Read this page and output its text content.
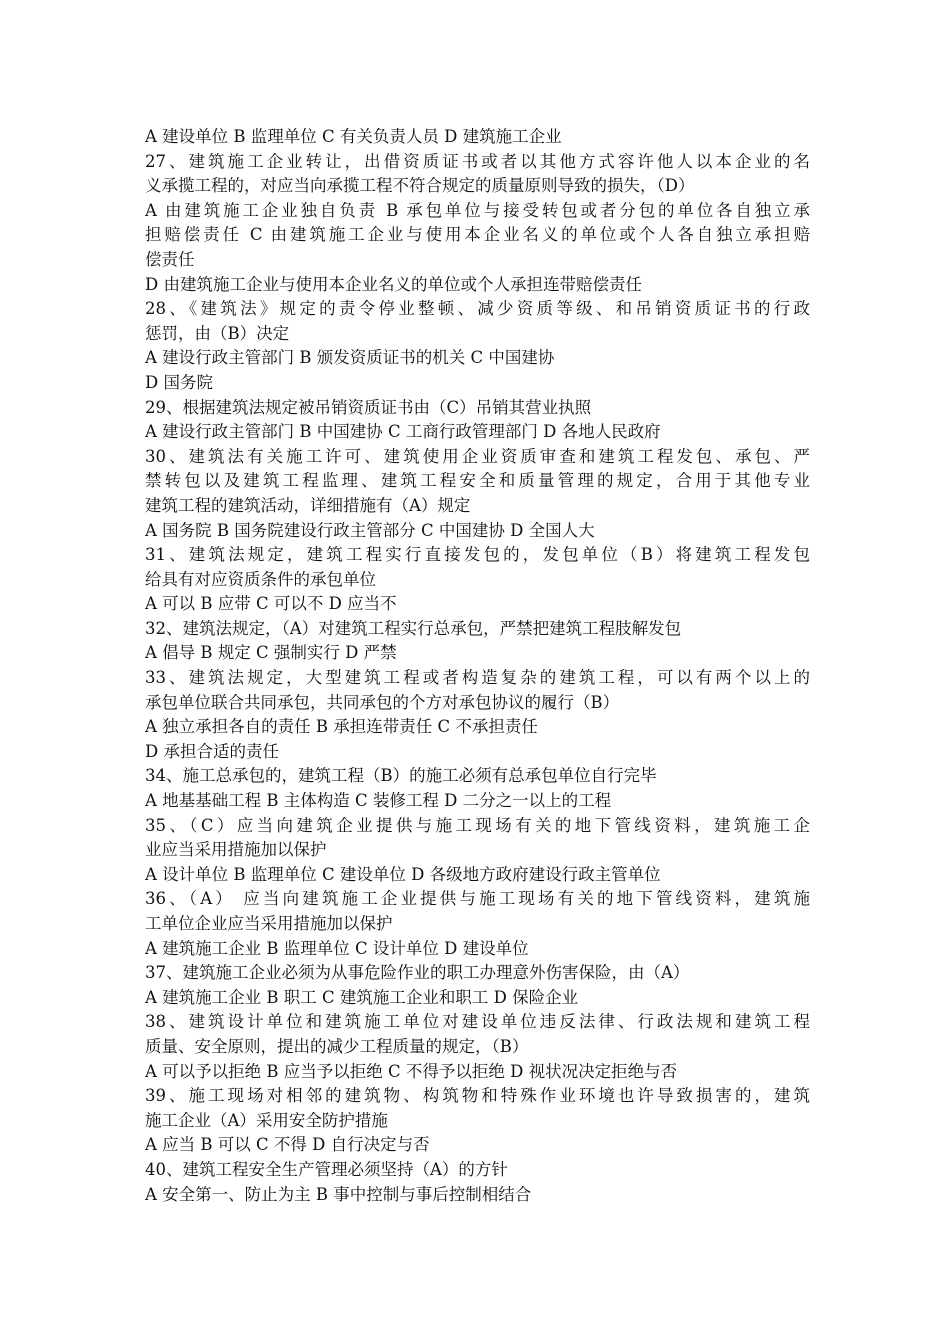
A 建设单位 B 监理单位 C 有关负责人员 D 建筑施工企业
27、建筑施工企业转让，出借资质证书或者以其他方式容许他人以本企业的名
义承揽工程的，对应当向承揽工程不符合规定的质量原则导致的损失，（D）
A 由建筑施工企业独自负责 B 承包单位与接受转包或者分包的单位各自独立承
担赔偿责任 C 由建筑施工企业与使用本企业名义的单位或个人各自独立承担赔
偿责任
D 由建筑施工企业与使用本企业名义的单位或个人承担连带赔偿责任
28、《建筑法》规定的责令停业整顿、减少资质等级、和吊销资质证书的行政
惩罚，由（B）决定
A 建设行政主管部门 B 颁发资质证书的机关 C 中国建协
D 国务院
29、根据建筑法规定被吊销资质证书由（C）吊销其营业执照
A 建设行政主管部门 B 中国建协 C 工商行政管理部门 D 各地人民政府
30、建筑法有关施工许可、建筑使用企业资质审查和建筑工程发包、承包、严
禁转包以及建筑工程监理、建筑工程安全和质量管理的规定，合用于其他专业
建筑工程的建筑活动，详细措施有（A）规定
A 国务院 B 国务院建设行政主管部分 C 中国建协 D 全国人大
31、建筑法规定，建筑工程实行直接发包的，发包单位（B）将建筑工程发包
给具有对应资质条件的承包单位
A 可以 B 应带 C 可以不 D 应当不
32、建筑法规定，（A）对建筑工程实行总承包，严禁把建筑工程肢解发包
A 倡导 B 规定 C 强制实行 D 严禁
33、建筑法规定，大型建筑工程或者构造复杂的建筑工程，可以有两个以上的
承包单位联合共同承包，共同承包的个方对承包协议的履行（B）
A 独立承担各自的责任 B 承担连带责任 C 不承担责任
D 承担合适的责任
34、施工总承包的，建筑工程（B）的施工必须有总承包单位自行完毕
A 地基基础工程 B 主体构造 C 装修工程 D 二分之一以上的工程
35、（C）应当向建筑企业提供与施工现场有关的地下管线资料，建筑施工企
业应当采用措施加以保护
A 设计单位 B 监理单位 C 建设单位 D 各级地方政府建设行政主管单位
36、（A） 应当向建筑施工企业提供与施工现场有关的地下管线资料，建筑施
工单位企业应当采用措施加以保护
A 建筑施工企业 B 监理单位 C 设计单位 D 建设单位
37、建筑施工企业必须为从事危险作业的职工办理意外伤害保险，由（A）
A 建筑施工企业 B 职工 C 建筑施工企业和职工 D 保险企业
38、建筑设计单位和建筑施工单位对建设单位违反法律、行政法规和建筑工程
质量、安全原则，提出的减少工程质量的规定，（B）
A 可以予以拒绝 B 应当予以拒绝 C 不得予以拒绝 D 视状况决定拒绝与否
39、施工现场对相邻的建筑物、构筑物和特殊作业环境也许导致损害的，建筑
施工企业（A）采用安全防护措施
A 应当 B 可以 C 不得 D 自行决定与否
40、建筑工程安全生产管理必须坚持（A）的方针
A 安全第一、防止为主 B 事中控制与事后控制相结合
